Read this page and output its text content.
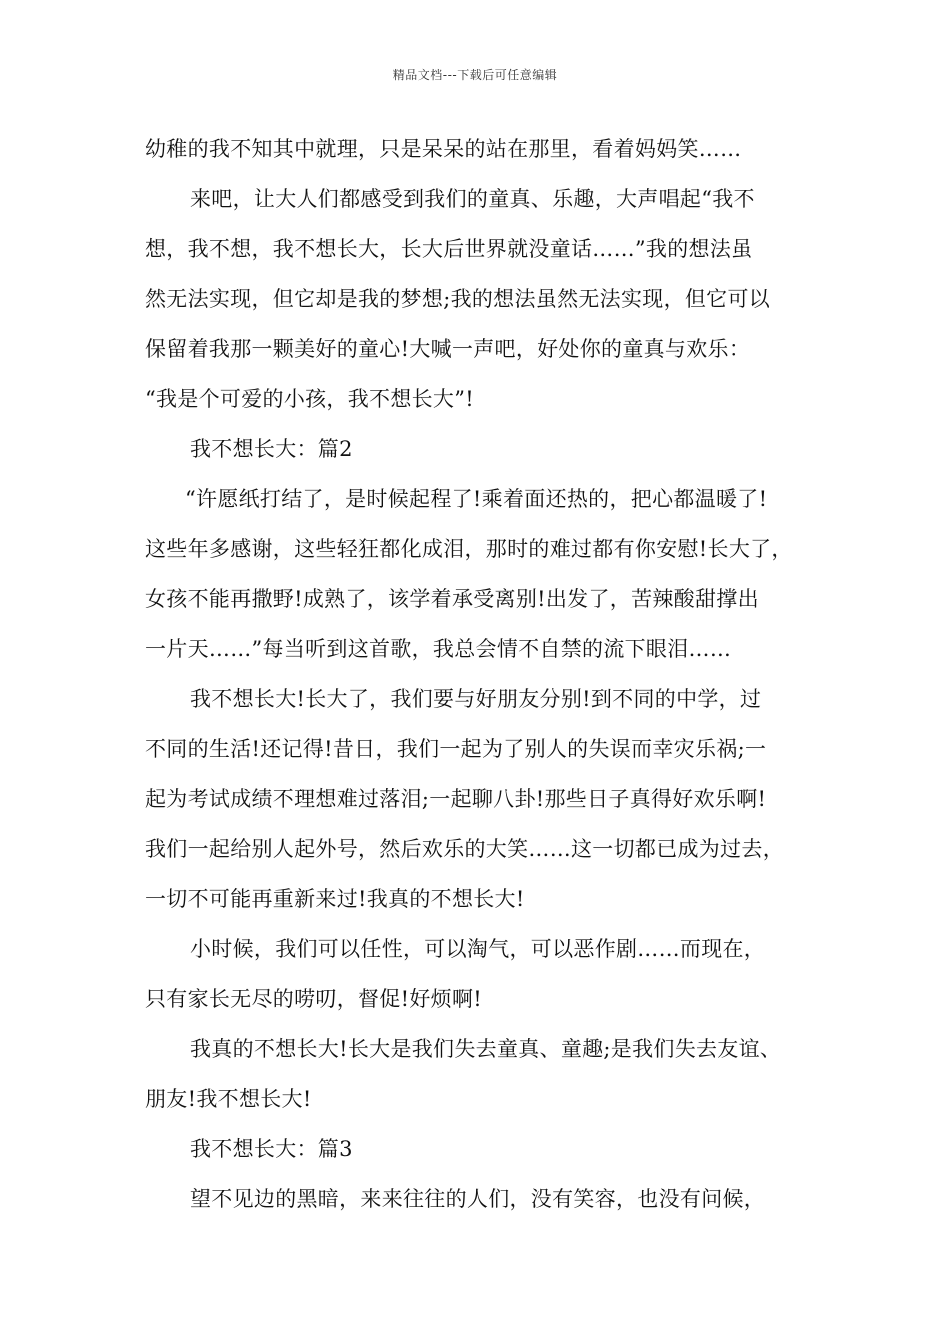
精品文档---下载后可任意编辑
幼稚的我不知其中就理，只是呆呆的站在那里，看着妈妈笑……
来吧，让大人们都感受到我们的童真、乐趣，大声唱起“我不
想，我不想，我不想长大，长大后世界就没童话……”我的想法虽
然无法实现，但它却是我的梦想;我的想法虽然无法实现，但它可以
保留着我那一颗美好的童心!大喊一声吧，好处你的童真与欢乐：
“我是个可爱的小孩，我不想长大”!
我不想长大：篇2
“许愿纸打结了，是时候起程了!乘着面还热的，把心都温暖了!
这些年多感谢，这些轻狂都化成泪，那时的难过都有你安慰!长大了，
女孩不能再撒野!成熟了，该学着承受离别!出发了，苦辣酸甜撑出
一片天……”每当听到这首歌，我总会情不自禁的流下眼泪……
我不想长大!长大了，我们要与好朋友分别!到不同的中学，过
不同的生活!还记得!昔日，我们一起为了别人的失误而幸灾乐祸;一
起为考试成绩不理想难过落泪;一起聊八卦!那些日子真得好欢乐啊!
我们一起给别人起外号，然后欢乐的大笑……这一切都已成为过去，
一切不可能再重新来过!我真的不想长大!
小时候，我们可以任性，可以淘气，可以恶作剧……而现在，
只有家长无尽的唠叨，督促!好烦啊!
我真的不想长大!长大是我们失去童真、童趣;是我们失去友谊、
朋友!我不想长大!
我不想长大：篇3
望不见边的黑暗，来来往往的人们，没有笑容，也没有问候，
